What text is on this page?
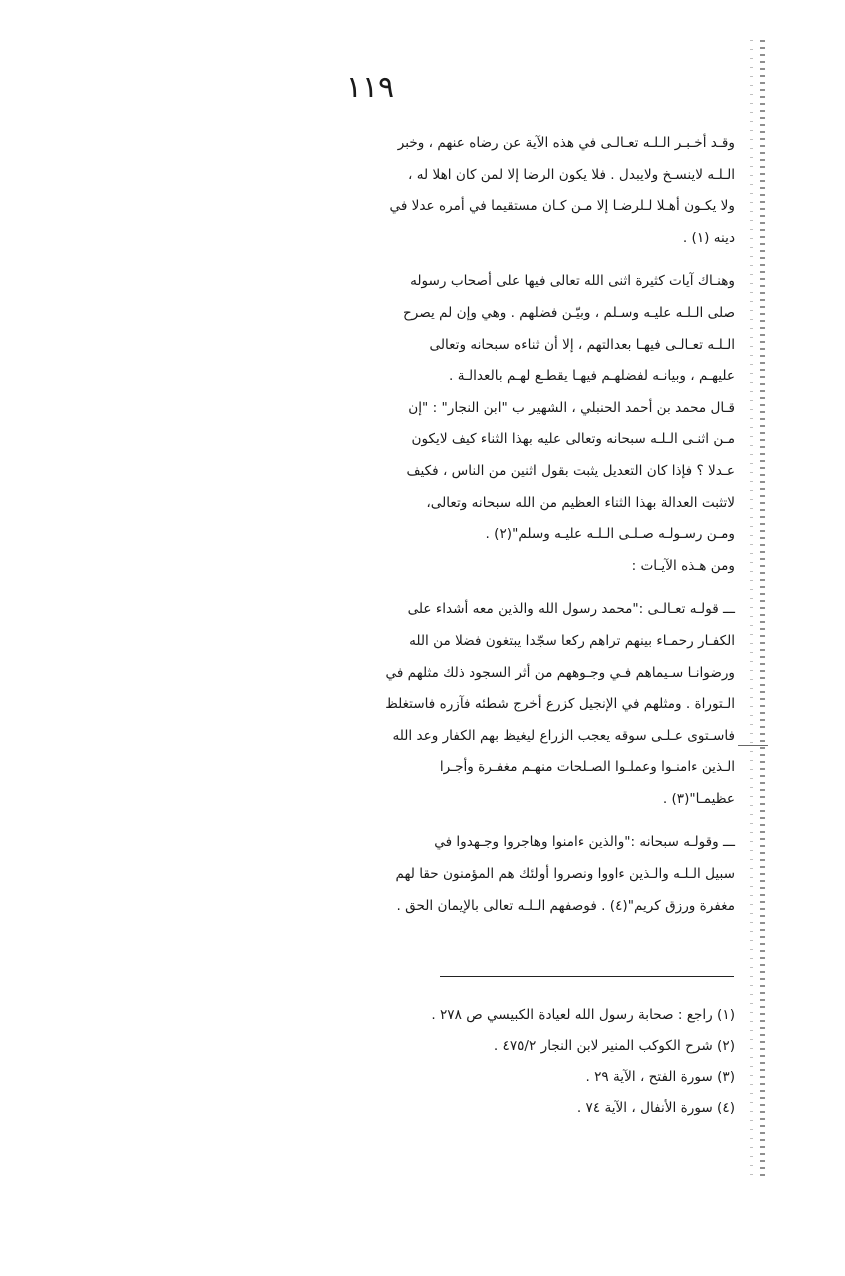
١١٩
وقـد أخـبـر الـلـه تعـالـى في هذه الآية عن رضاه عنهم ، وخبر
الـلـه لاينسـخ ولايبدل . فلا يكون الرضا إلا لمن كان اهلا له ،
ولا يكـون أهـلا لـلرضـا إلا مـن كـان مستقيما في أمره عدلا في
دينه (١) .
وهنـاك آيات كثيرة اثنى الله تعالى فيها على أصحاب رسوله
صلى الـلـه عليـه وسـلم ، وبيّـن فضلهم . وهي وإن لم يصرح
الـلـه تعـالـى فيهـا بعدالتهم ، إلا أن ثناءه سبحانه وتعالى
عليهـم ، وبيانـه لفضلهـم فيهـا يقطـع لهـم بالعدالـة .
قـال محمد بن أحمد الحنبلي ، الشهير ب "ابن النجار" : "إن
مـن اثنـى الـلـه سبحانه وتعالى عليه بهذا الثناء كيف لايكون
عـدلا ؟ فإذا كان التعديل يثبت بقول اثنين من الناس ، فكيف
لاتثبت العدالة بهذا الثناء العظيم من الله سبحانه وتعالى،
ومـن رسـولـه صـلـى الـلـه عليـه وسلم"(٢) .
ومن هـذه الآيـات :
ـــ قولـه تعـالـى :"محمد رسول الله والذين معه أشداء على
الكفـار رحمـاء بينهم تراهم ركعا سجّدا يبتغون فضلا من الله
ورضوانـا سـيماهم فـي وجـوههم من أثر السجود ذلك مثلهم في
الـتوراة . ومثلهم في الإنجيل كزرع أخرج شطئه فآزره فاستغلظ
فاسـتوى عـلـى سوقه يعجب الزراع ليغيظ بهم الكفار وعد الله
الـذين ءامنـوا وعملـوا الصـلحات منهـم مغفـرة وأجـرا
عظيمـا"(٣) .
ـــ وقولـه سبحانه :"والذين ءامنوا وهاجروا وجـهدوا في
سبيل الـلـه والـذين ءاووا ونصروا أولئك هم المؤمنون حقا لهم
مغفرة ورزق كريم"(٤) . فوصفهم الـلـه تعالى بالإيمان الحق .
(١) راجع : صحابة رسول الله لعيادة الكبيسي ص ٢٧٨ .
(٢) شرح الكوكب المنير لابن النجار ٤٧٥/٢ .
(٣) سورة الفتح ، الآية ٢٩ .
(٤) سورة الأنفال ، الآية ٧٤ .
